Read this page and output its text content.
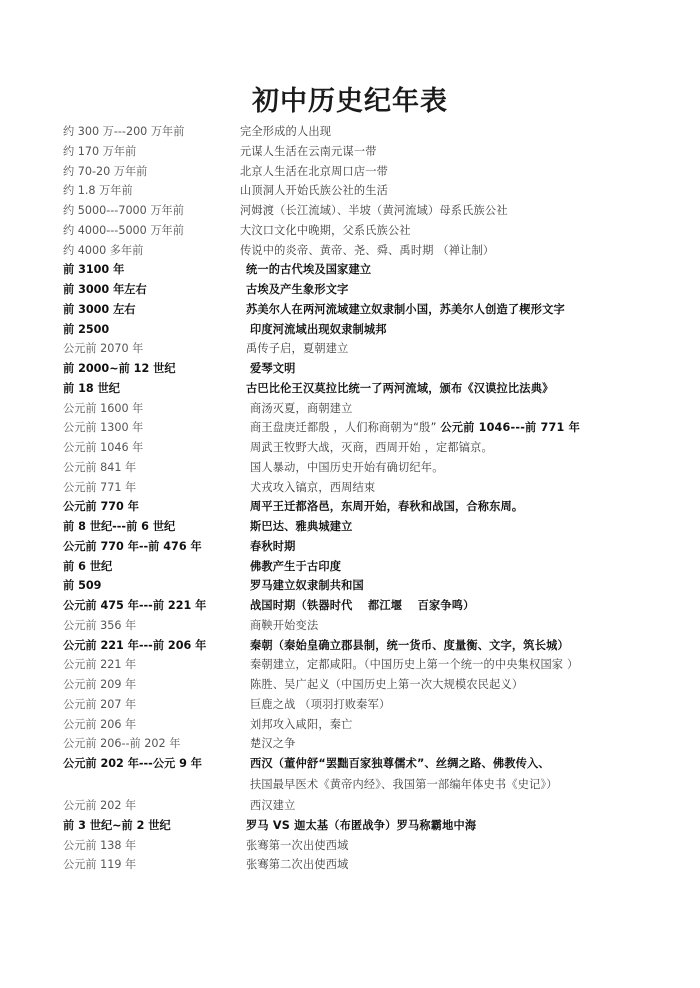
初中历史纪年表
约 300 万---200 万年前	完全形成的人出现
约 170 万年前	元谋人生活在云南元谋一带
约 70-20 万年前	北京人生活在北京周口店一带
约 1.8 万年前	山顶洞人开始氏族公社的生活
约 5000---7000 万年前	河姆渡（长江流域）、半坡（黄河流域）母系氏族公社
约 4000---5000 万年前	大汶口文化中晚期，父系氏族公社
约 4000 多年前	传说中的炎帝、黄帝、尧、舜、禹时期 （禅让制）
前 3100 年	统一的古代埃及国家建立
前 3000 年左右	古埃及产生象形文字
前 3000 左右	苏美尔人在两河流域建立奴隶制小国，苏美尔人创造了楔形文字
前 2500	印度河流域出现奴隶制城邦
公元前 2070 年	禹传子启，夏朝建立
前 2000~前 12 世纪	爱琴文明
前 18 世纪	古巴比伦王汉莫拉比统一了两河流域，颁布《汉谟拉比法典》
公元前 1600 年	商汤灭夏，商朝建立
公元前 1300 年	商王盘庚迁都殷 ，人们称商朝为“殷” 公元前 1046---前 771 年
公元前 1046 年	周武王牧野大战，灭商，西周开始 ，定都镐京。
公元前 841 年	国人暴动，中国历史开始有确切纪年。
公元前 771 年	犬戎攻入镐京，西周结束
公元前 770 年	周平王迁都洛邑，东周开始，春秋和战国，合称东周。
前 8 世纪---前 6 世纪	斯巴达、雅典城建立
公元前 770 年--前 476 年	春秋时期
前 6 世纪	佛教产生于古印度
前 509	罗马建立奴隶制共和国
公元前 475 年---前 221 年	战国时期（铁器时代　 都江堰　 百家争鸣）
公元前 356 年	商鞅开始变法
公元前 221 年---前 206 年	秦朝（秦始皇确立郡县制，统一货币、度量衡、文字，筑长城）
公元前 221 年	秦朝建立，定都咸阳。（中国历史上第一个统一的中央集权国家 ）
公元前 209 年	陈胜、吴广起义（中国历史上第一次大规模农民起义）
公元前 207 年	巨鹿之战 （项羽打败秦军）
公元前 206 年	刘邦攻入咸阳，秦亡
公元前 206--前 202 年	楚汉之争
公元前 202 年---公元 9 年	西汉（董仲舒“罢黜百家独尊儒术”、丝绸之路、佛教传入、
扶国最早医术《黄帝内经》、我国第一部编年体史书《史记》）
公元前 202 年	西汉建立
前 3 世纪~前 2 世纪	罗马 VS 迦太基（布匿战争）罗马称霸地中海
公元前 138 年	张骞第一次出使西域
公元前 119 年	张骞第二次出使西域
